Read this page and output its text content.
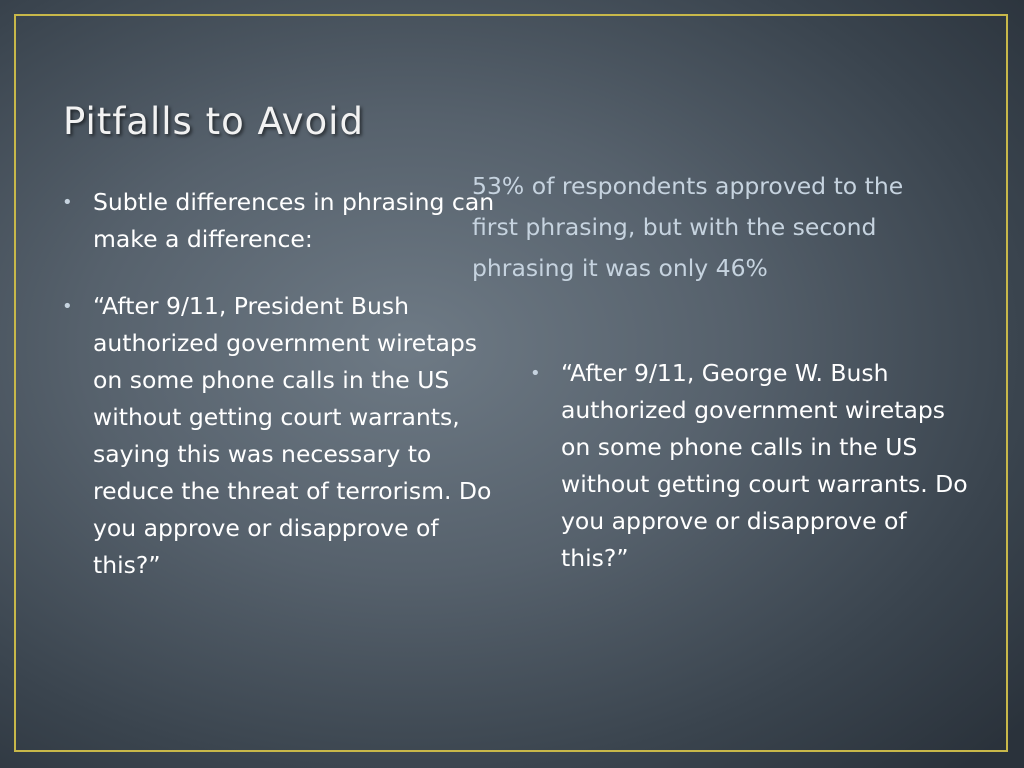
Pitfalls to Avoid

53% of respondents approved to the first phrasing, but with the second phrasing it was only 46%

• Subtle differences in phrasing can make a difference:
• “After 9/11, President Bush authorized government wiretaps on some phone calls in the US without getting court warrants, saying this was necessary to reduce the threat of terrorism. Do you approve or disapprove of this?”
• “After 9/11, George W. Bush authorized government wiretaps on some phone calls in the US without getting court warrants. Do you approve or disapprove of this?”
